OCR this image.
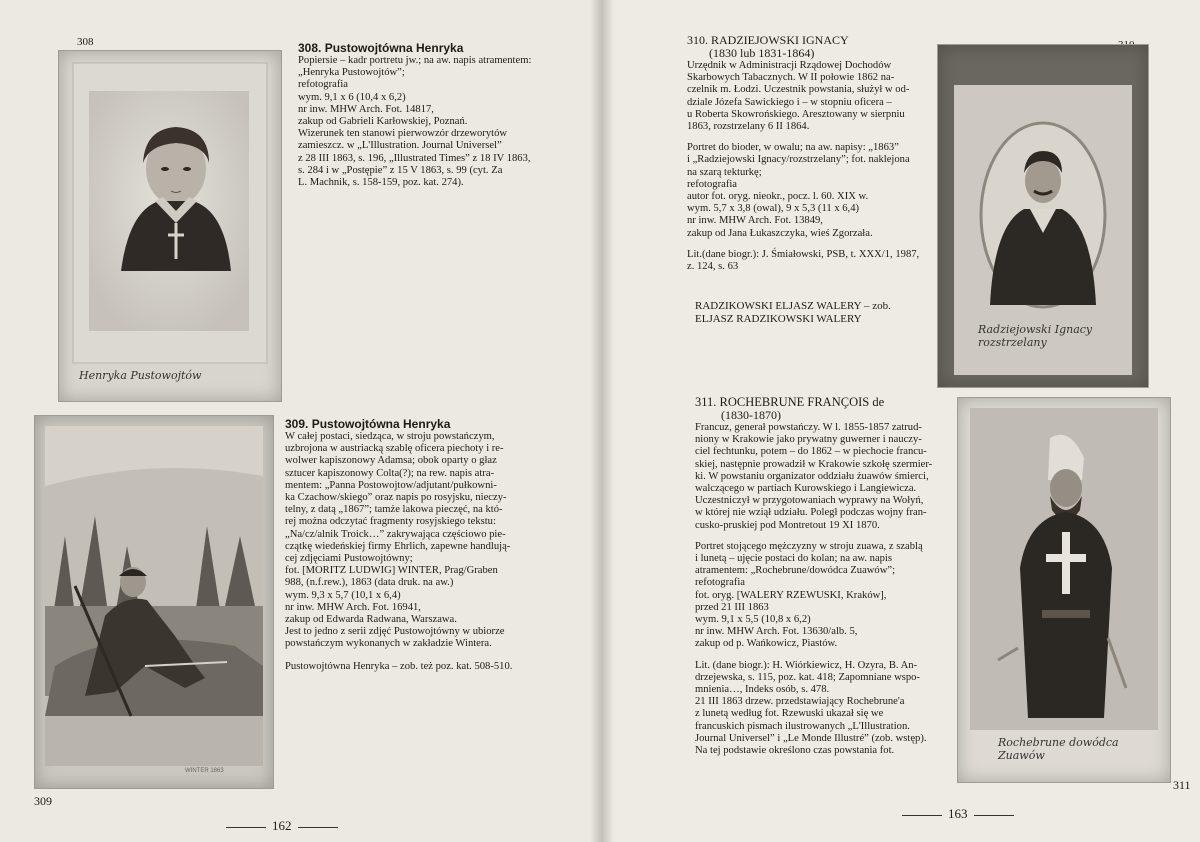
308
Henryka Pustowojtów
308. Pustowojtówna Henryka
Popiersie – kadr portretu jw.; na aw. napis atramentem:
„Henryka Pustowojtów”;
refotografia
wym. 9,1 x 6 (10,4 x 6,2)
nr inw. MHW Arch. Fot. 14817,
zakup od Gabrieli Karłowskiej, Poznań.
Wizerunek ten stanowi pierwowzór drzeworytów
zamieszcz. w „L'Illustration. Journal Universel”
z 28 III 1863, s. 196, „Illustrated Times” z 18 IV 1863,
s. 284 i w „Postępie” z 15 V 1863, s. 99 (cyt. Za
L. Machnik, s. 158-159, poz. kat. 274).
WINTER 1863
309. Pustowojtówna Henryka
W całej postaci, siedząca, w stroju powstańczym,
uzbrojona w austriacką szablę oficera piechoty i re-
wolwer kapiszonowy Adamsa; obok oparty o głaz
sztucer kapiszonowy Colta(?); na rew. napis atra-
mentem: „Panna Postowojtow/adjutant/pułkowni-
ka Czachow/skiego” oraz napis po rosyjsku, nieczy-
telny, z datą „1867”; tamże lakowa pieczęć, na któ-
rej można odczytać fragmenty rosyjskiego tekstu:
„Na/cz/alnik Troick…” zakrywająca częściowo pie-
czątkę wiedeńskiej firmy Ehrlich, zapewne handlują-
cej zdjęciami Pustowojtówny;
fot. [MORITZ LUDWIG] WINTER, Prag/Graben
988, (n.f.rew.), 1863 (data druk. na aw.)
wym. 9,3 x 5,7 (10,1 x 6,4)
nr inw. MHW Arch. Fot. 16941,
zakup od Edwarda Radwana, Warszawa.
Jest to jedno z serii zdjęć Pustowojtówny w ubiorze
powstańczym wykonanych w zakładzie Wintera.
Pustowojtówna Henryka – zob. też poz. kat. 508-510.
309
162
310. RADZIEJOWSKI IGNACY
(1830 lub 1831-1864)
Urzędnik w Administracji Rządowej Dochodów
Skarbowych Tabacznych. W II połowie 1862 na-
czelnik m. Łodzi. Uczestnik powstania, służył w od-
dziale Józefa Sawickiego i – w stopniu oficera –
u Roberta Skowrońskiego. Aresztowany w sierpniu
1863, rozstrzelany 6 II 1864.
Portret do bioder, w owalu; na aw. napisy: „1863”
i „Radziejowski Ignacy/rozstrzelany”; fot. naklejona
na szarą tekturkę;
refotografia
autor fot. oryg. nieokr., pocz. l. 60. XIX w.
wym. 5,7 x 3,8 (owal), 9 x 5,3 (11 x 6,4)
nr inw. MHW Arch. Fot. 13849,
zakup od Jana Łukaszczyka, wieś Zgorzała.
Lit.(dane biogr.): J. Śmiałowski, PSB, t. XXX/1, 1987,
z. 124, s. 63
Radziejowski Ignacy rozstrzelany
RADZIKOWSKI ELJASZ WALERY – zob.
ELJASZ RADZIKOWSKI WALERY
311. ROCHEBRUNE FRANÇOIS de
(1830-1870)
Francuz, generał powstańczy. W l. 1855-1857 zatrud-
niony w Krakowie jako prywatny guwerner i nauczy-
ciel fechtunku, potem – do 1862 – w piechocie francu-
skiej, następnie prowadził w Krakowie szkołę szermier-
ki. W powstaniu organizator oddziału żuawów śmierci,
walczącego w partiach Kurowskiego i Langiewicza.
Uczestniczył w przygotowaniach wyprawy na Wołyń,
w której nie wziął udziału. Poległ podczas wojny fran-
cusko-pruskiej pod Montretout 19 XI 1870.
Portret stojącego mężczyzny w stroju zuawa, z szablą
i lunetą – ujęcie postaci do kolan; na aw. napis
atramentem: „Rochebrune/dowódca Zuawów”;
refotografia
fot. oryg. [WALERY RZEWUSKI, Kraków],
przed 21 III 1863
wym. 9,1 x 5,5 (10,8 x 6,2)
nr inw. MHW Arch. Fot. 13630/alb. 5,
zakup od p. Wańkowicz, Piastów.
Lit. (dane biogr.): H. Wiórkiewicz, H. Ozyra, B. An-
drzejewska, s. 115, poz. kat. 418; Zapomniane wspo-
mnienia…, Indeks osób, s. 478.
21 III 1863 drzew. przedstawiający Rochebrune'a
z lunetą według fot. Rzewuski ukazał się we
francuskich pismach ilustrowanych „L'Illustration.
Journal Universel” i „Le Monde Illustré” (zob. wstęp).
Na tej podstawie określono czas powstania fot.
Rochebrune dowódca Zuawów
311
163
